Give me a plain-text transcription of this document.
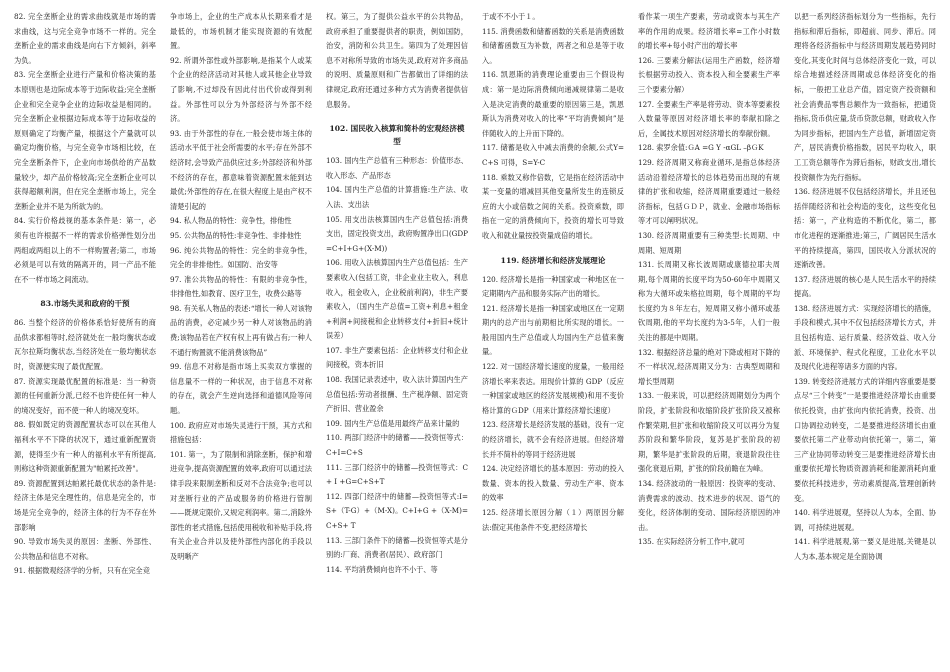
82. 完全垄断企业的需求曲线就是市场的需求曲线，这与完全竞争市场不一样的。完全垄断企业的需求曲线是向右下方倾斜，斜率为负。

83. 完全垄断企业进行产量和价格决策的基本原则也是边际成本等于边际收益;完全垄断企业和完全竞争企业的边际收益是相同的。完全垄断企业根据边际成本等于边际收益的原则确定了均衡产量，根据这个产量就可以确定均衡价格，与完全竞争市场相比较，在完全垄断条件下，企业向市场供给的产品数量较少，却产品价格较高;完全垄断企业可以获得超额利润，但在完全垄断市场上，完全垄断企业并不是为所欲为的。

84. 实行价格歧视的基本条件是：第一，必须有也许根据不一样的需求价格弹性划分出两组或两组以上的不一样购置者;第二，市场必须是可以有效的隔离开的，同一产品不能在不一样市场之间流动。

83.市场失灵和政府的干预

86. 当整个经济的价格体系恰好使所有的商品供求都相等时,经济就处在一般均衡状态或瓦尔拉斯均衡状态,当经济处在一般均衡状态时，资源便实现了最优配置。

87. 资源实现最优配置的标准是：当一种资源的任何重新分派,已经不也许使任何一种人的境况变好，而不使一种人的境况变坏。

88. 假如既定的资源配置状态可以在其他人福利水平不下降的状况下，通过重新配置资源，使得至少有一种人的福利水平有所提高,则称这种资源重新配置为"帕累托改善"。

89. 资源配置到达帕累托最优状态的条件是:经济主体是完全理性的，信息是完全的，市场是完全竞争的，经济主体的行为不存在外部影响

90. 导致市场失灵的原因：垄断、外部性、公共物品和信息不对称。

91. 根据微观经济学的分析，只有在完全竞

争市场上，企业的生产成本从长期来看才是最低的，市场机制才能实现资源的有效配置。

92. 所谓外部性或外部影响,是指某个人或某个企业的经济活动对其他人或其他企业导致了影响,不过却没有因此付出代价或得到利益。外部性可以分为外部经济与外部不经济。

93. 由于外部性的存在,一般会使市场主体的活动水平低于社会所需要的水平;存在外部不经济时,会导致产品供应过多;外部经济和外部不经济的存在，都意味着资源配置未能到达最优;外部性的存在,在很大程度上是由产权不清楚引起的

94. 私人物品的特性：竞争性，排他性

95. 公共物品的特性:非竞争性、非排他性

96. 纯公共物品的特性：完全的非竞争性，完全的非排他性。如国防、治安等

97. 准公共物品的特性：有限的非竞争性，非排他性,如教育、医疗卫生，收费公路等

98. 有关私人物品的表述:“增长一种人对该物品的消费，必定减少另一种人对该物品的消费;该物品若在产权有权上再有做占有;一种人不通行购置就不能消费该物品”

99. 信息不对称是指市场上买卖双方掌握的信息量不一样的一种状况，由于信息不对称的存在，就会产生逆向选择和道德风险等问题。

100. 政府应对市场失灵进行干预，其方式和措施包括：

101. 第一，为了限制和消除垄断，保护和增进竞争,提高资源配置的效率,政府可以通过法律手段来限制垄断和反对不合法竞争;也可以对垄断行业的产品或服务的价格进行管制——既规定限价,又规定利润率。第二,消除外部性的老式措施,包括使用税收和补贴手段,将有关企业合并以及使外部性内部化的手段以及明晰产

权。第三，为了提供公益水平的公共物品，政府承担了重要提供者的职责，例如国防，治安，消防和公共卫生。第四为了处理因信息不对称所导致的市场失灵,政府对许多商品的说明、质量原则和广告都做出了详细的法律规定,政府还通过多种方式为消费者提供信息服务。

102. 国民收入核算和简朴的宏观经济模型

103. 国内生产总值有三种形态：价值形态、收入形态、产品形态

104. 国内生产总值的计算措施:生产法、收入法、支出法

105. 用支出法核算国内生产总值包括:消费支出，固定投资支出，政府购置净出口(GDP=C+I+G+(X-M))

106. 用收入法核算国内生产总值包括：生产要素收入(包括工资，非企业业主收入，利息收入，租金收入，企业税前利润)，非生产要素收入，（国内生产总值=工资+利息+租金+利润+间接税和企业转移支付+折旧+统计误差）

107. 非生产要素包括：企业转移支付和企业间接税，资本折旧

108. 我国记录表述中，收入法计算国内生产总值包括:劳动者报酬、生产税净额、固定资产折旧、营业盈余

109. 国内生产总值是用最终产品来计量的

110. 两部门经济中的储蓄——投资恒等式：C+I=C+S

111. 三部门经济中的储蓄—投资恒等式：C+ I +G=C+S+T

112. 四部门经济中的储蓄—投资恒等式:I= S+（T-G）+（M-X)。C+I+G +（X-M)= C+S+ T

113. 三部门条件下的储蓄—投资恒等式是分别的:厂商、消费者(居民）、政府部门

114. 平均消费倾向也许不小于、等

于或不不小于１。

115. 消费函数和储蓄函数的关系是消费函数和储蓄函数互为补数，两者之和总是等于收入。

116. 凯恩斯的消费理论重要由三个假设构成：第一是边际消费倾向递减规律第二是收入是决定消费的最重要的原因第三是，凯恩斯认为消费对收入的比率“平均消费倾向”是伴随收入的上升而下降的。

117. 储蓄是收入中减去消费的余额,公式Y=C+S 可得，S=Y-C

118. 乘数又称作倍数，它是指在经济活动中某一变量的增减回其他变量所发生的连锁反应的大小或倍数之间的关系。投资乘数，即指在一定的消费倾向下，投资的增长可导致收入和就业量按投资量成倍的增长。

119. 经济增长和经济发展理论

120. 经济增长是指一种国家或一种地区在一定期期内产品和服务实际产出的增长。

121. 经济增长是指一种国家或地区在一定期期内的总产出与前期相比所实现的增长。一般用国内生产总值或人均国内生产总值来衡量。

122. 对一国经济增长速度的度量，一般用经济增长率来表达。用现价计算的 GDP（反应一种国家或地区的经济发展规模)和用不变价格计算的ＧDP（用来计算经济增长速度）

123. 经济增长是经济发展的基础，没有一定的经济增长，就不会有经济进展。但经济增长并不简朴的等同于经济进展

124. 决定经济增长的基本原因：劳动的投入数量、资本的投入数量、劳动生产率、资本的效率

125. 经济增长原因分解（１）两原因分解法:假定其他条件不变,把经济增长

看作某一项生产要素，劳动或资本与其生产率的作用的成果。经济增长率=工作小时数的增长率+每小时产出的增长率

126. 三要素分解法(运用生产函数，经济增长根据劳动投入、资本投入和全要素生产率三个要素分解）

127. 全要素生产率是将劳动、资本等要素投入数量等原因对经济增长率的奉献扣除之后，全属技术原因对经济增长的奉献份额。

128. 索罗余值:ＧA =G Y -αGL –βＧK

129. 经济周期又称商业循环,是指总体经济活动沿着经济增长的总体趋势而出现的有规律的扩张和收缩，经济周期重要通过一般经济指标，包括ＧＤＰ，就业、金融市场指标等才可以阐明状况。

130. 经济周期重要有三种类型:长周期、中周期、短周期

131. 长周期又称长波周期或康德拉耶夫周期,每个周期的长度平均为50-60年中周期又称为大循环或朱格拉周期，每个周期的平均长度约为８年左右，短周期又称小循环或基钦周期,他的平均长度约为3-5年，人们一般关注的都是中周期。

132. 根据经济总量的绝对下降或相对下降的不一样状况,经济周期又分为：古典型周期和增长型周期

133. 一般来说，可以把经济周期划分为两个阶段，扩张阶段和收缩阶段扩张阶段又被称作繁荣期,但扩张和收缩阶段又可以再分为复苏阶段和繁华阶段，复苏是扩张阶段的初期，繁华是扩张阶段的后期，衰退阶段往往强化衰退后期，扩张的阶段前瞻在为峰。

134. 经济波动的一般原因：投资率的变动、消费需求的波动、技术进步的状况、语气的变化，经济体制的变动、国际经济原因的冲击。

135. 在实际经济分析工作中,就可

以把一系列经济指标划分为一些指标，先行指标和滞后指标，即超前、同步、滞后。同理将各经济指标中与经济周期发展趋势同时变化,其变化时间与总体经济变化一致，可以综合地描述经济周期或总体经济变化的指标，一般把工业总产值，固定资产投资额和社会消费品零售总额作为一致指标，把通货指标,货币供应量,货币贷款总额，财政收入作为同步指标，把国内生产总值，新增固定资产，居民消费价格指数，居民平均收入，职工工资总额等作为滞后指标，财政支出,增长投资额作为先行指标。

136. 经济进展不仅包括经济增长，并且还包括伴随经济和社会构造的变化，这些变化包括：第一，产业构造的不断优化，第二，都市化进程的逐渐推进;第三，广阔居民生活水平的持续提高，第四，国民收入分派状况的逐渐改善。

137. 经济进展的核心是人民生活水平的持续提高。

138. 经济进展方式：实现经济增长的措施，手段和模式,其中不仅包括经济增长方式，并且包括构造、运行质量、经济效益、收入分派、环境保护、程式化程度，工业化水平以及现代化进程等诸多方面的内容。

139. 转变经济进展方式的详细内容重要是要点尽“三个转变”一是要推进经济增长由重要依托投资，由扩张向内依托消费，投资、出口协调拉动转变，二是要推进经济增长由重要依托第二产业带动向依托第一，第二，第三产业协同带动转变三是要推进经济增长由重要依托增长物质资源消耗和能源消耗向重要依托科技进步，劳动素质提高,管理创新转变。

140. 科学进展观，坚持以人为本，全面、协调，可持续进展观。

141. 科学进展观,第一要义是进展,关键是以人为本,基本规定是全面协调
